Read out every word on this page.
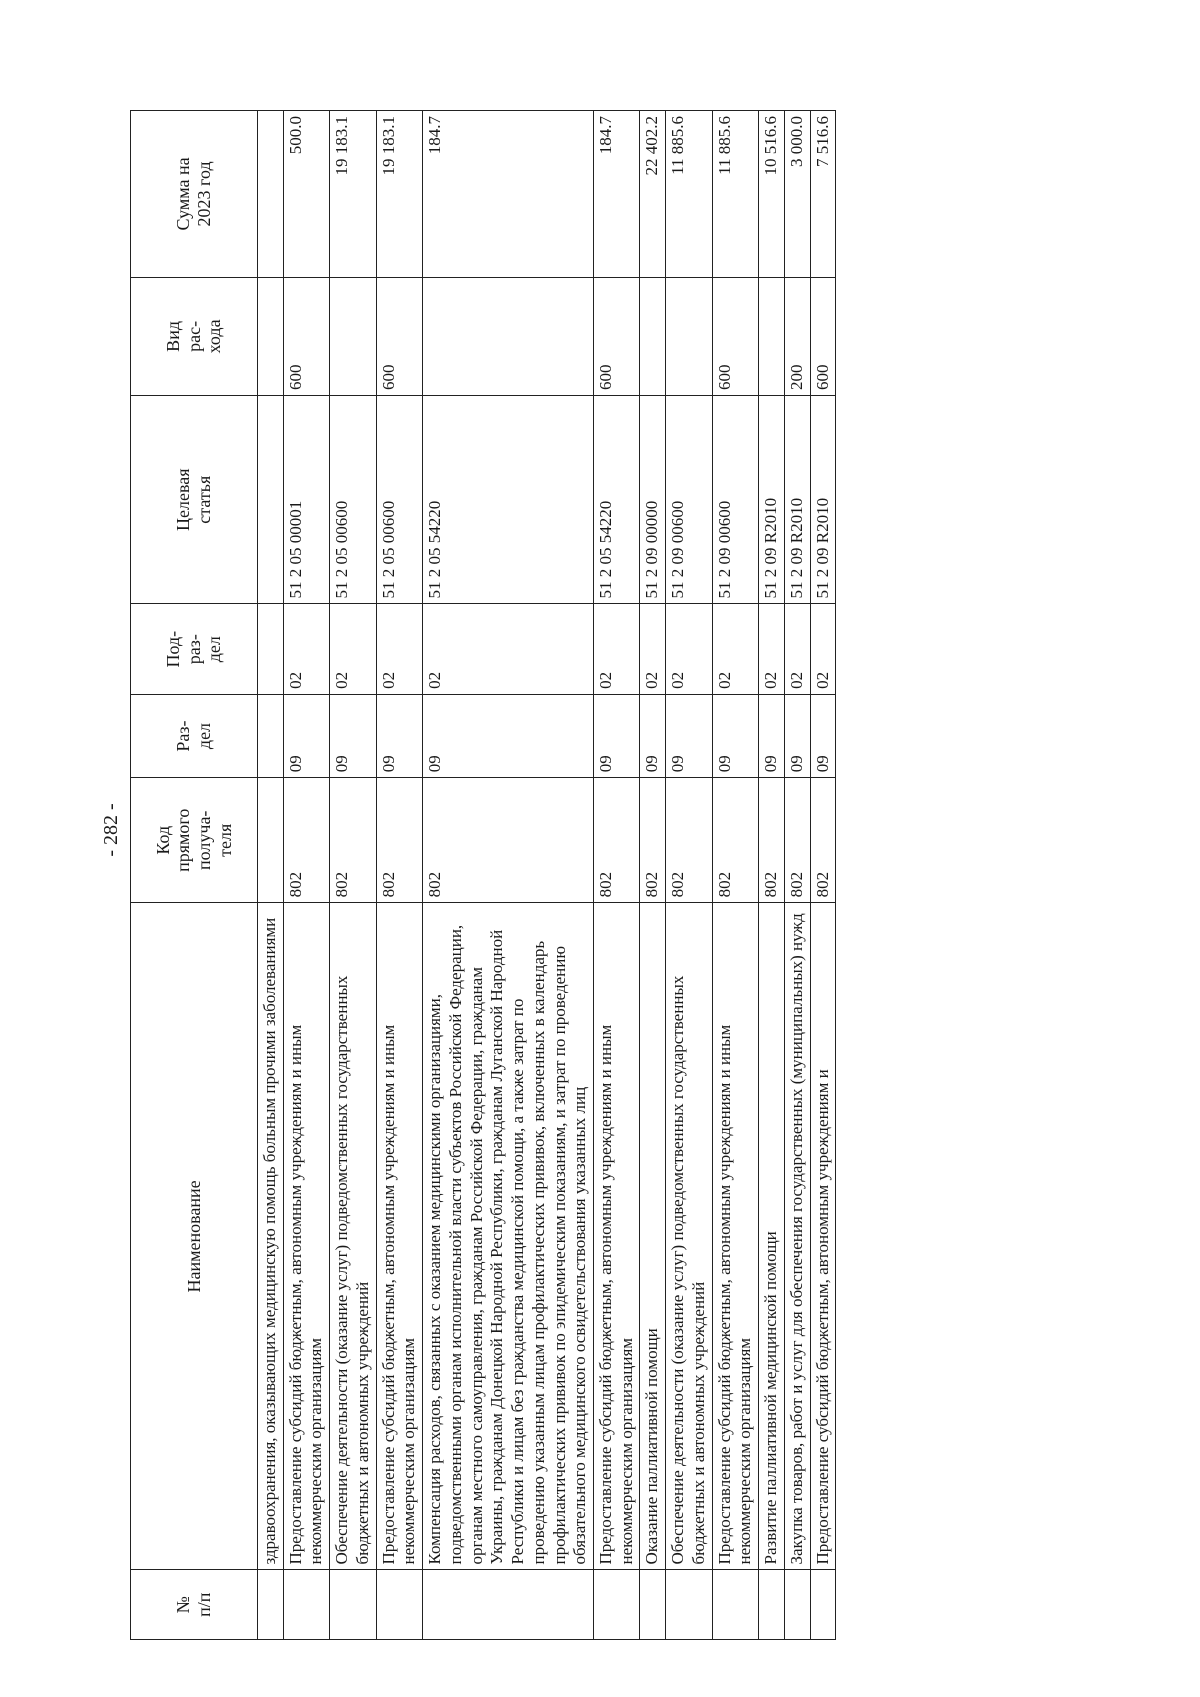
- 282 -
№ п/п	Наименование	Код прямого получа- теля	Раз- дел	Под- раз- дел	Целевая статья	Вид рас- хода	Сумма на 2023 год

	здравоохранения, оказывающих медицинскую помощь больным прочими заболеваниями						
	Предоставление субсидий бюджетным, автономным учреждениям и иным некоммерческим организациям	802	09	02	51 2 05 00001	600	500.0
	Обеспечение деятельности (оказание услуг) подведомственных государственных бюджетных и автономных учреждений	802	09	02	51 2 05 00600		19 183.1
	Предоставление субсидий бюджетным, автономным учреждениям и иным некоммерческим организациям	802	09	02	51 2 05 00600	600	19 183.1
	Компенсация расходов, связанных с оказанием медицинскими организациями, подведомственными органам исполнительной власти субъектов Российской Федерации, органам местного самоуправления, гражданам Российской Федерации, гражданам Украины, гражданам Донецкой Народной Республики, гражданам Луганской Народной Республики и лицам без гражданства медицинской помощи, а также затрат по проведению указанным лицам профилактических прививок, включенных в календарь профилактических прививок по эпидемическим показаниям, и затрат по проведению обязательного медицинского освидетельствования указанных лиц	802	09	02	51 2 05 54220		184.7
	Предоставление субсидий бюджетным, автономным учреждениям и иным некоммерческим организациям	802	09	02	51 2 05 54220	600	184.7
	Оказание паллиативной помощи	802	09	02	51 2 09 00000		22 402.2
	Обеспечение деятельности (оказание услуг) подведомственных государственных бюджетных и автономных учреждений	802	09	02	51 2 09 00600		11 885.6
	Предоставление субсидий бюджетным, автономным учреждениям и иным некоммерческим организациям	802	09	02	51 2 09 00600	600	11 885.6
	Развитие паллиативной медицинской помощи	802	09	02	51 2 09 R2010		10 516.6
	Закупка товаров, работ и услуг для обеспечения государственных (муниципальных) нужд	802	09	02	51 2 09 R2010	200	3 000.0
	Предоставление субсидий бюджетным, автономным учреждениям и	802	09	02	51 2 09 R2010	600	7 516.6
